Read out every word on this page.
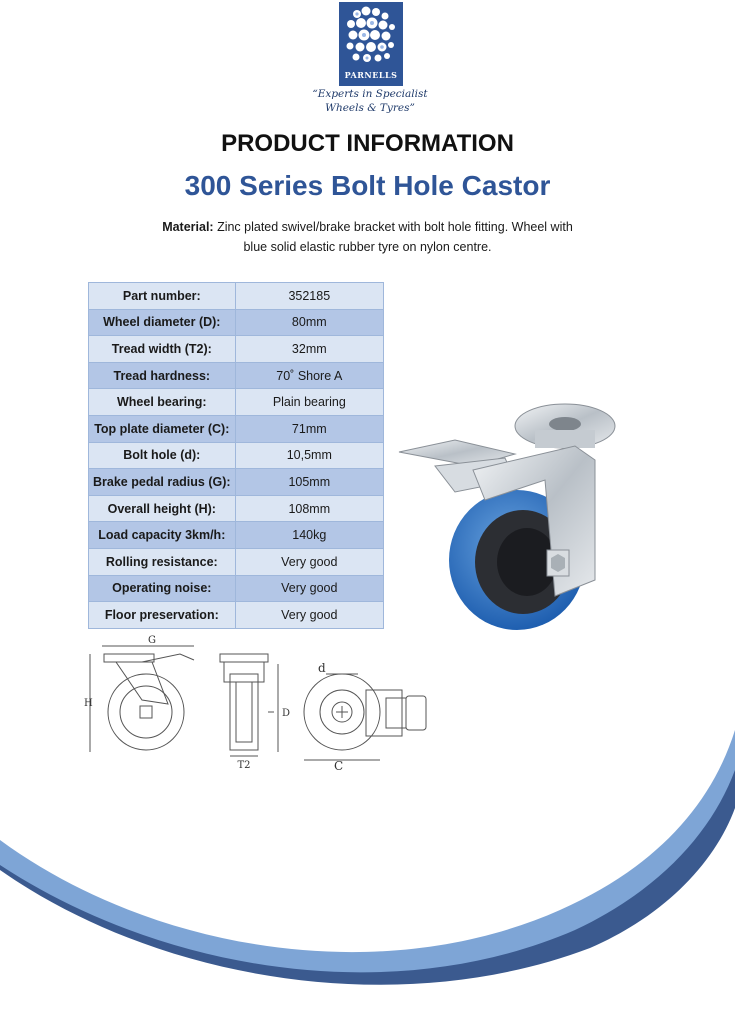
PARNELLS
“Experts in Specialist
Wheels & Tyres”
PRODUCT INFORMATION
300 Series Bolt Hole Castor
Material: Zinc plated swivel/brake bracket with bolt hole fitting. Wheel with
blue solid elastic rubber tyre on nylon centre.
Part number:	352185
Wheel diameter (D):	80mm
Tread width (T2):	32mm
Tread hardness:	70˚ Shore A
Wheel bearing:	Plain bearing
Top plate diameter (C):	71mm
Bolt hole (d):	10,5mm
Brake pedal radius (G):	105mm
Overall height (H):	108mm
Load capacity 3km/h:	140kg
Rolling resistance:	Very good
Operating noise:	Very good
Floor preservation:	Very good
G
H
D
T2
d
C
